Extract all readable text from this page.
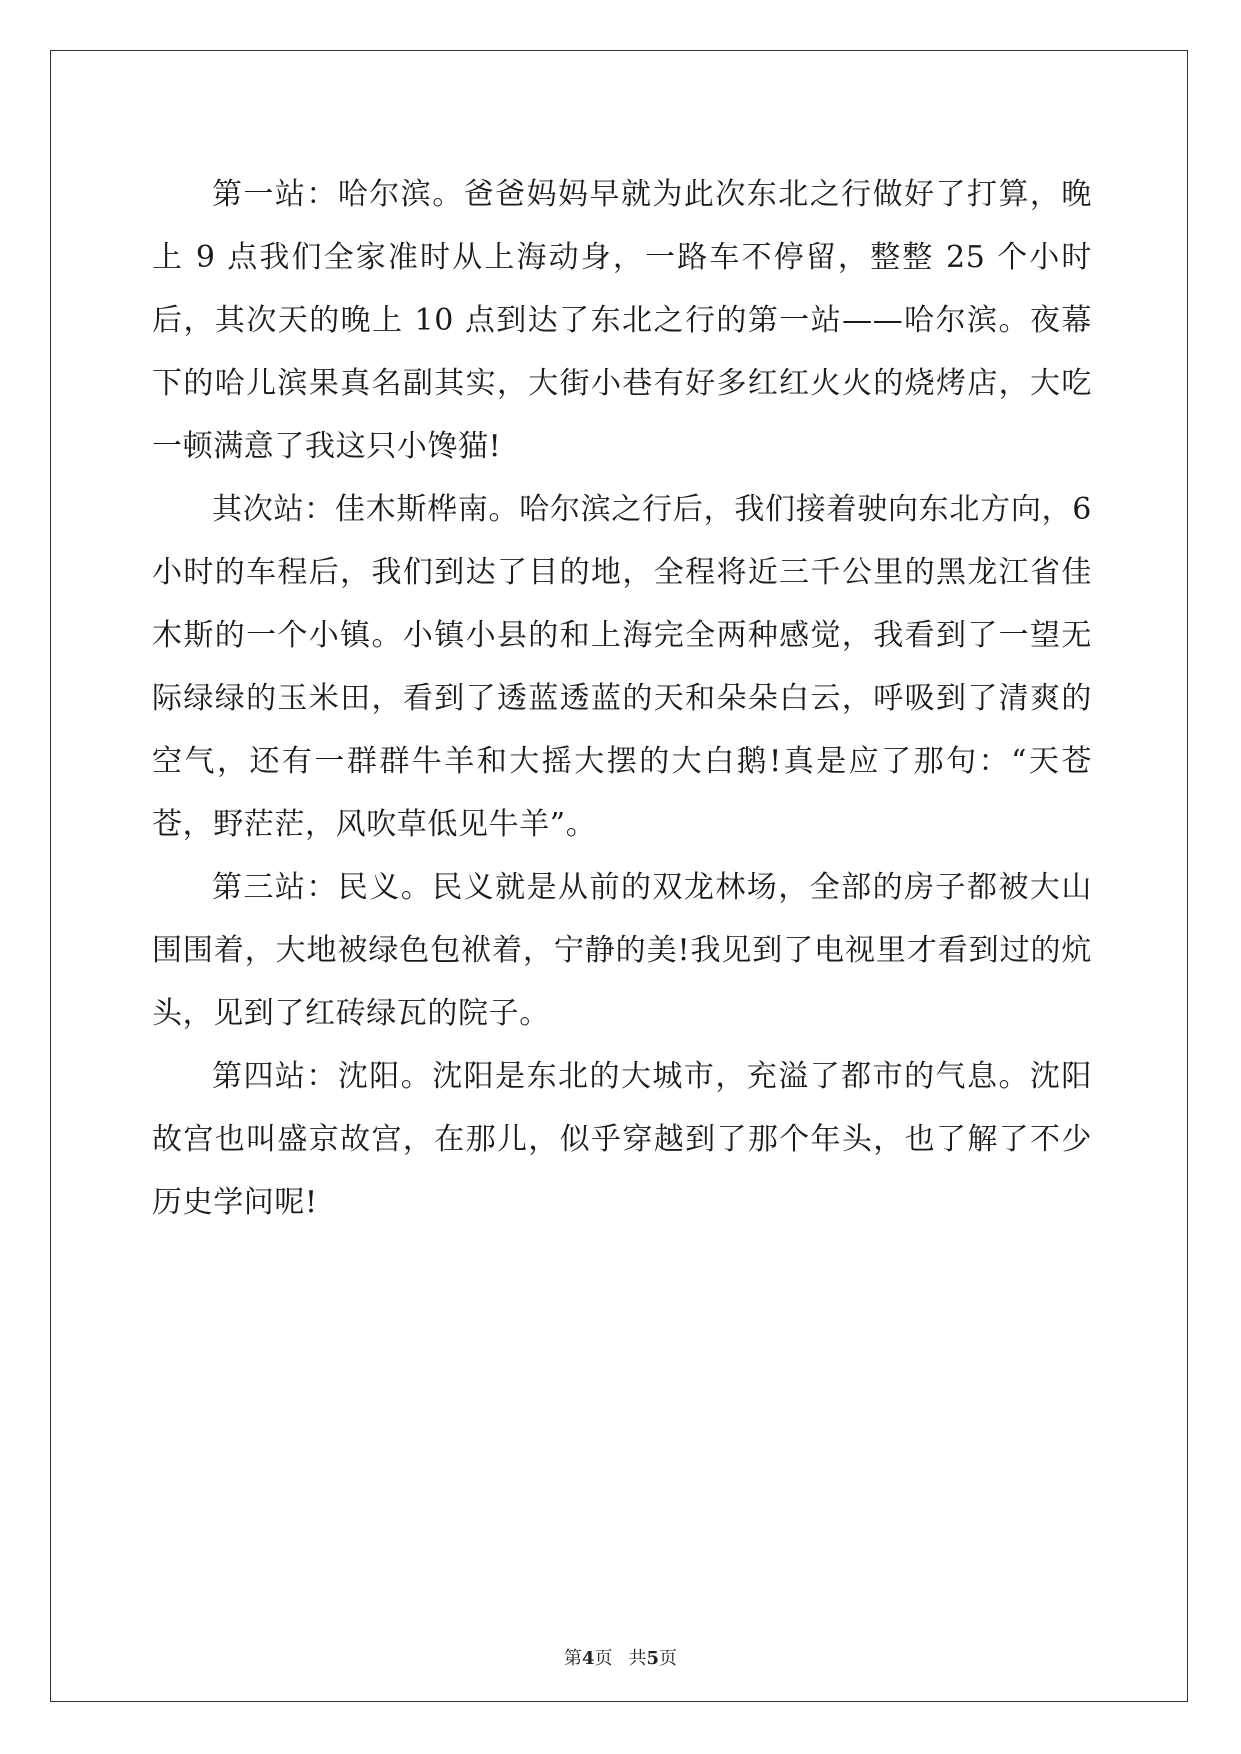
第一站：哈尔滨。爸爸妈妈早就为此次东北之行做好了打算，晚上 9 点我们全家准时从上海动身，一路车不停留，整整 25 个小时后，其次天的晚上 10 点到达了东北之行的第一站——哈尔滨。夜幕下的哈儿滨果真名副其实，大街小巷有好多红红火火的烧烤店，大吃一顿满意了我这只小馋猫!

其次站：佳木斯桦南。哈尔滨之行后，我们接着驶向东北方向，6小时的车程后，我们到达了目的地，全程将近三千公里的黑龙江省佳木斯的一个小镇。小镇小县的和上海完全两种感觉，我看到了一望无际绿绿的玉米田，看到了透蓝透蓝的天和朵朵白云，呼吸到了清爽的空气，还有一群群牛羊和大摇大摆的大白鹅!真是应了那句：“天苍苍，野茫茫，风吹草低见牛羊”。

第三站：民义。民义就是从前的双龙林场，全部的房子都被大山围围着，大地被绿色包袱着，宁静的美!我见到了电视里才看到过的炕头，见到了红砖绿瓦的院子。

第四站：沈阳。沈阳是东北的大城市，充溢了都市的气息。沈阳故宫也叫盛京故宫，在那儿，似乎穿越到了那个年头，也了解了不少历史学问呢!

第4页 共5页
